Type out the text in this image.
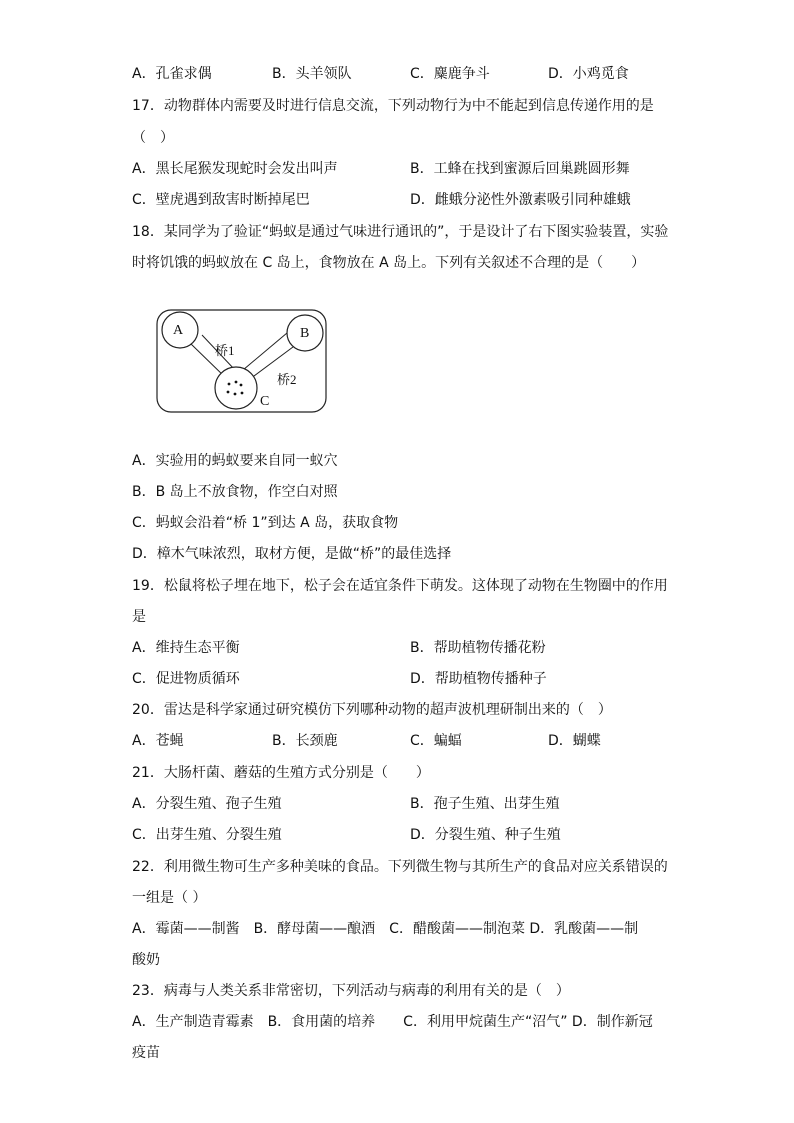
A．孔雀求偶	B．头羊领队	C．麋鹿争斗	D．小鸡觅食
17．动物群体内需要及时进行信息交流，下列动物行为中不能起到信息传递作用的是
（　）
A．黑长尾猴发现蛇时会发出叫声	B．工蜂在找到蜜源后回巢跳圆形舞
C．壁虎遇到敌害时断掉尾巴	D．雌蛾分泌性外激素吸引同种雄蛾
18．某同学为了验证“蚂蚁是通过气味进行通讯的”，于是设计了右下图实验装置，实验
时将饥饿的蚂蚁放在 C 岛上，食物放在 A 岛上。下列有关叙述不合理的是（　　）
A	B
C
桥1
桥2
A．实验用的蚂蚁要来自同一蚁穴
B．B 岛上不放食物，作空白对照
C．蚂蚁会沿着“桥 1”到达 A 岛，获取食物
D．樟木气味浓烈，取材方便，是做“桥”的最佳选择
19．松鼠将松子埋在地下，松子会在适宜条件下萌发。这体现了动物在生物圈中的作用
是
A．维持生态平衡	B．帮助植物传播花粉
C．促进物质循环	D．帮助植物传播种子
20．雷达是科学家通过研究模仿下列哪种动物的超声波机理研制出来的（　）
A．苍蝇	B．长颈鹿	C．蝙蝠	D．蝴蝶
21．大肠杆菌、蘑菇的生殖方式分别是（　　）
A．分裂生殖、孢子生殖	B．孢子生殖、出芽生殖
C．出芽生殖、分裂生殖	D．分裂生殖、种子生殖
22．利用微生物可生产多种美味的食品。下列微生物与其所生产的食品对应关系错误的
一组是（ ）
A．霉菌——制酱　B．酵母菌——酿酒　C．醋酸菌——制泡菜 D．乳酸菌——制
酸奶
23．病毒与人类关系非常密切，下列活动与病毒的利用有关的是（　）
A．生产制造青霉素　B．食用菌的培养　　C．利用甲烷菌生产“沼气” D．制作新冠
疫苗
